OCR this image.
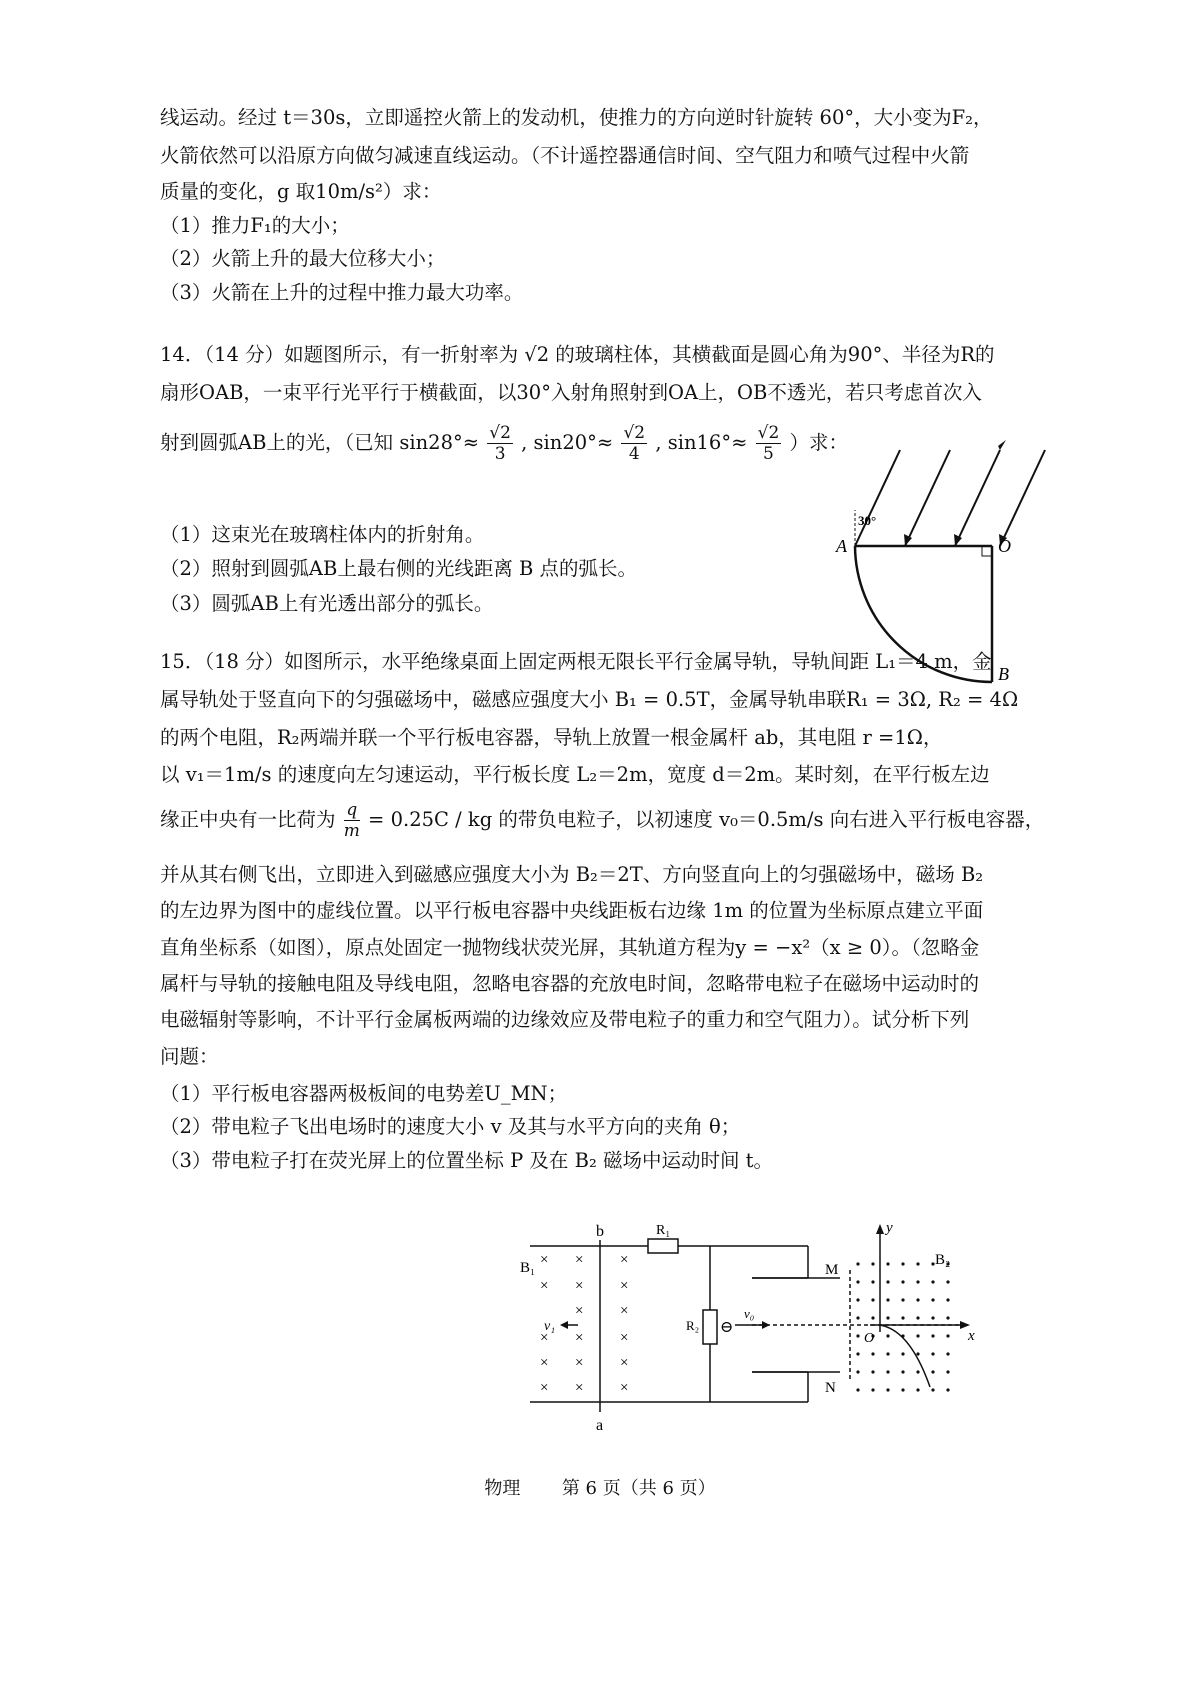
线运动。经过 t＝30s，立即遥控火箭上的发动机，使推力的方向逆时针旋转 60°，大小变为F₂，
火箭依然可以沿原方向做匀减速直线运动。（不计遥控器通信时间、空气阻力和喷气过程中火箭
质量的变化，g 取10m/s²）求：
（1）推力F₁的大小；
（2）火箭上升的最大位移大小；
（3）火箭在上升的过程中推力最大功率。
14．（14 分）如题图所示，有一折射率为 √2 的玻璃柱体，其横截面是圆心角为90°、半径为R的
扇形OAB，一束平行光平行于横截面，以30°入射角照射到OA上，OB不透光，若只考虑首次入
射到圆弧AB上的光，（已知 $\sin 28^\circ\approx \frac{√2}{3}$ , $\sin 20^\circ\approx \frac{√2}{4}$ , $\sin 16^\circ\approx \frac{√2}{5}$ ）求：
（1）这束光在玻璃柱体内的折射角。
（2）照射到圆弧AB上最右侧的光线距离 B 点的弧长。
（3）圆弧AB上有光透出部分的弧长。
30°
A	O
B
15．（18 分）如图所示，水平绝缘桌面上固定两根无限长平行金属导轨，导轨间距 L₁＝4 m，金
属导轨处于竖直向下的匀强磁场中，磁感应强度大小 B₁ = 0.5T，金属导轨串联R₁ = 3Ω, R₂ = 4Ω
的两个电阻，R₂两端并联一个平行板电容器，导轨上放置一根金属杆 ab，其电阻 r =1Ω，
以 v₁＝1m/s 的速度向左匀速运动，平行板长度 L₂＝2m，宽度 d＝2m。某时刻，在平行板左边
缘正中央有一比荷为 $\frac{q}{m} = 0.25C$ / kg 的带负电粒子，以初速度 v₀＝0.5m/s 向右进入平行板电容器，
并从其右侧飞出，立即进入到磁感应强度大小为 B₂＝2T、方向竖直向上的匀强磁场中，磁场 B₂
的左边界为图中的虚线位置。以平行板电容器中央线距板右边缘 1m 的位置为坐标原点建立平面
直角坐标系（如图），原点处固定一抛物线状荧光屏，其轨道方程为y = −x²（x ≥ 0）。（忽略金
属杆与导轨的接触电阻及导线电阻，忽略电容器的充放电时间，忽略带电粒子在磁场中运动时的
电磁辐射等影响，不计平行金属板两端的边缘效应及带电粒子的重力和空气阻力）。试分析下列
问题：
（1）平行板电容器两极板间的电势差U_MN；
（2）带电粒子飞出电场时的速度大小 v 及其与水平方向的夹角 θ；
（3）带电粒子打在荧光屏上的位置坐标 P 及在 B₂ 磁场中运动时间 t。
×
×
×
×
×
×
×
×
×
×
×
×
×
×
×
×
×
b
a
R₁
R₂ ⊖
B₁	B₂
v₁
v₀
M
N
O	x
y
物理 第 6 页（共 6 页）
